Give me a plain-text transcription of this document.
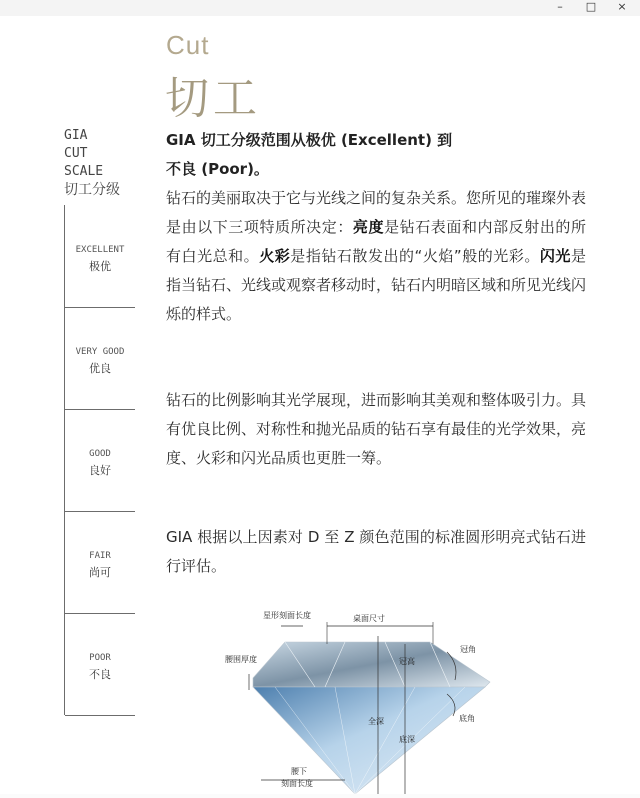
–	□	×
Cut
切工
GIA
CUT
SCALE
切工分级
EXCELLENT
极优
VERY GOOD
优良
GOOD
良好
FAIR
尚可
POOR
不良
GIA 切工分级范围从极优 (Excellent) 到
不良 (Poor)。
钻石的美丽取决于它与光线之间的复杂关系。您所见的璀璨外表是由以下三项特质所决定：亮度是钻石表面和内部反射出的所有白光总和。火彩是指钻石散发出的“火焰”般的光彩。闪光是指当钻石、光线或观察者移动时，钻石内明暗区域和所见光线闪烁的样式。
钻石的比例影响其光学展现，进而影响其美观和整体吸引力。具有优良比例、对称性和抛光品质的钻石享有最佳的光学效果，亮度、火彩和闪光品质也更胜一筹。
GIA 根据以上因素对 D 至 Z 颜色范围的标准圆形明亮式钻石进行评估。
星形刻面长度	桌面尺寸
腰围厚度	冠高
冠角
全深
底深
底角
腰下
刻面长度
